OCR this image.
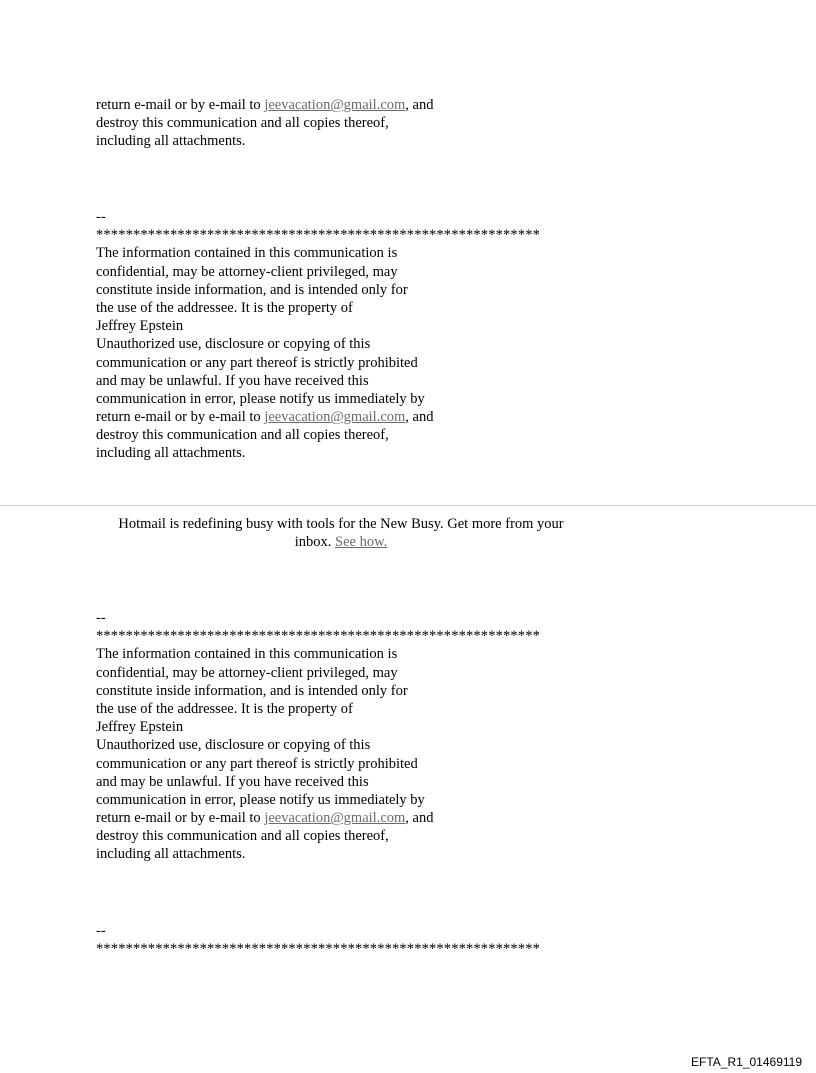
return e-mail or by e-mail to jeevacation@gmail.com, and
destroy this communication and all copies thereof,
including all attachments.
--
************************************************************
The information contained in this communication is
confidential, may be attorney-client privileged, may
constitute inside information, and is intended only for
the use of the addressee. It is the property of
Jeffrey Epstein
Unauthorized use, disclosure or copying of this
communication or any part thereof is strictly prohibited
and may be unlawful. If you have received this
communication in error, please notify us immediately by
return e-mail or by e-mail to jeevacation@gmail.com, and
destroy this communication and all copies thereof,
including all attachments.
Hotmail is redefining busy with tools for the New Busy. Get more from your
inbox. See how.
--
************************************************************
The information contained in this communication is
confidential, may be attorney-client privileged, may
constitute inside information, and is intended only for
the use of the addressee. It is the property of
Jeffrey Epstein
Unauthorized use, disclosure or copying of this
communication or any part thereof is strictly prohibited
and may be unlawful. If you have received this
communication in error, please notify us immediately by
return e-mail or by e-mail to jeevacation@gmail.com, and
destroy this communication and all copies thereof,
including all attachments.
--
************************************************************
EFTA_R1_01469119
